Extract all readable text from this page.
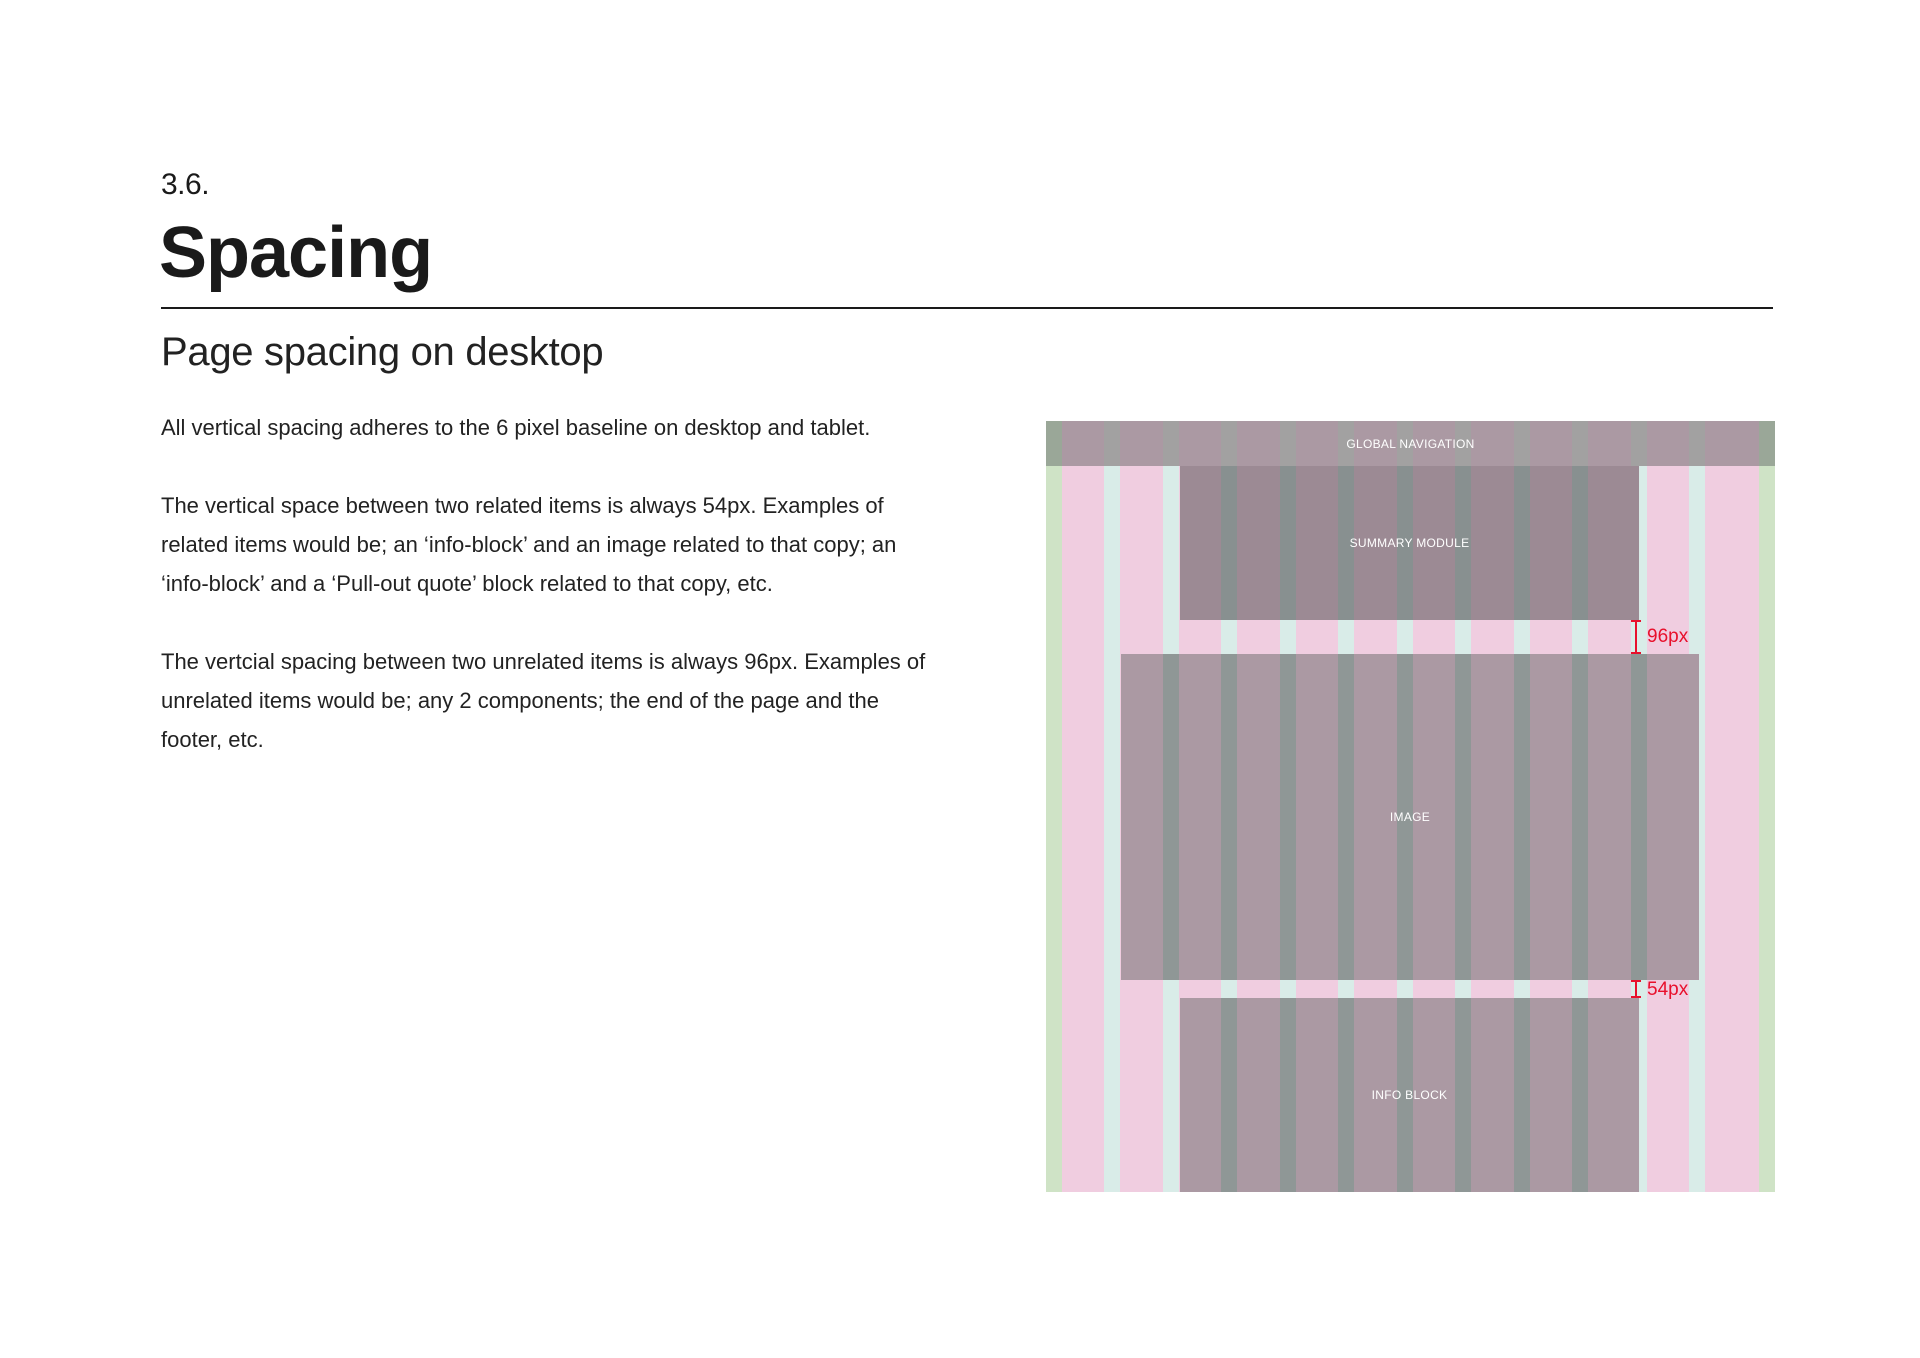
3.6.
Spacing
Page spacing on desktop

All vertical spacing adheres to the 6 pixel baseline on desktop and tablet.

The vertical space between two related items is always 54px. Examples of related items would be; an ‘info-block’ and an image related to that copy; an ‘info-block’ and a ‘Pull-out quote’ block related to that copy, etc.

The vertcial spacing between two unrelated items is always 96px. Examples of unrelated items would be; any 2 components; the end of the page and the footer, etc.

GLOBAL NAVIGATION
SUMMARY MODULE
IMAGE
INFO BLOCK
96px
54px
